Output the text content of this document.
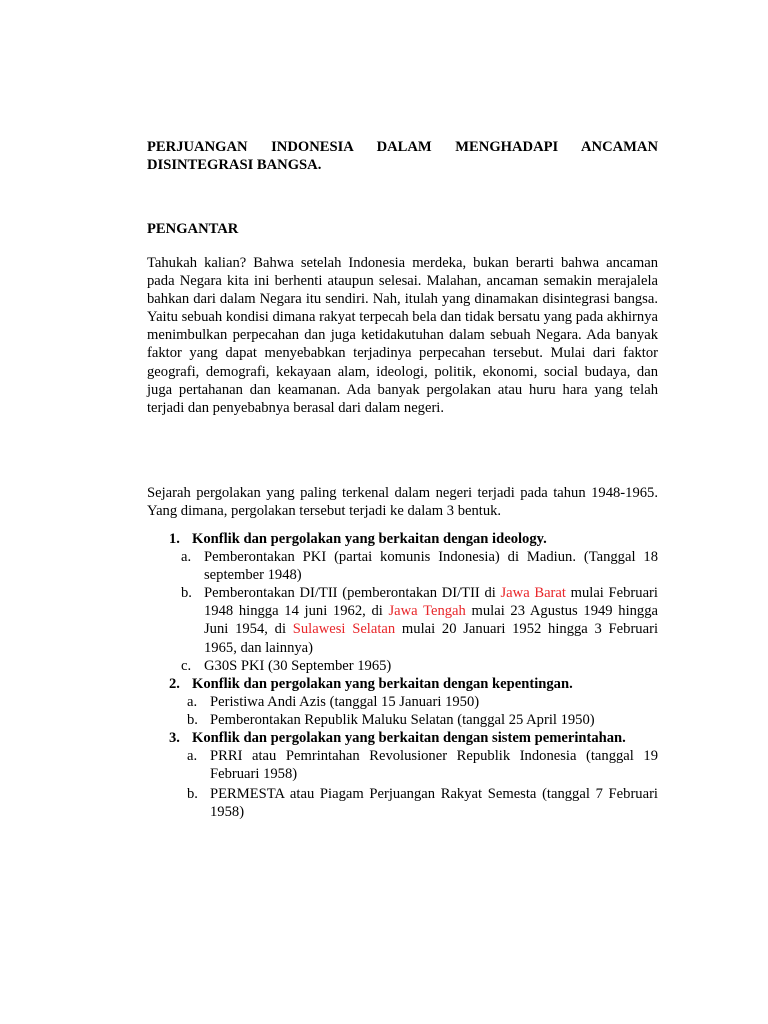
PERJUANGAN INDONESIA DALAM MENGHADAPI ANCAMAN
DISINTEGRASI BANGSA.
PENGANTAR

Tahukah kalian? Bahwa setelah Indonesia merdeka, bukan berarti bahwa ancaman pada Negara kita ini berhenti ataupun selesai. Malahan, ancaman semakin merajalela bahkan dari dalam Negara itu sendiri. Nah, itulah yang dinamakan disintegrasi bangsa. Yaitu sebuah kondisi dimana rakyat terpecah bela dan tidak bersatu yang pada akhirnya menimbulkan perpecahan dan juga ketidakutuhan dalam sebuah Negara. Ada banyak faktor yang dapat menyebabkan terjadinya perpecahan tersebut. Mulai dari faktor geografi, demografi, kekayaan alam, ideologi, politik, ekonomi, social budaya, dan juga pertahanan dan keamanan. Ada banyak pergolakan atau huru hara yang telah terjadi dan penyebabnya berasal dari dalam negeri.

Sejarah pergolakan yang paling terkenal dalam negeri terjadi pada tahun 1948-1965. Yang dimana, pergolakan tersebut terjadi ke dalam 3 bentuk.

1. Konflik dan pergolakan yang berkaitan dengan ideology.
a. Pemberontakan PKI (partai komunis Indonesia) di Madiun. (Tanggal 18 september 1948)
b. Pemberontakan DI/TII (pemberontakan DI/TII di Jawa Barat mulai Februari 1948 hingga 14 juni 1962, di Jawa Tengah mulai 23 Agustus 1949 hingga Juni 1954, di Sulawesi Selatan mulai 20 Januari 1952 hingga 3 Februari 1965, dan lainnya)
c. G30S PKI (30 September 1965)
2. Konflik dan pergolakan yang berkaitan dengan kepentingan.
a. Peristiwa Andi Azis (tanggal 15 Januari 1950)
b. Pemberontakan Republik Maluku Selatan (tanggal 25 April 1950)
3. Konflik dan pergolakan yang berkaitan dengan sistem pemerintahan.
a. PRRI atau Pemrintahan Revolusioner Republik Indonesia (tanggal 19 Februari 1958)
b. PERMESTA atau Piagam Perjuangan Rakyat Semesta (tanggal 7 Februari 1958)
